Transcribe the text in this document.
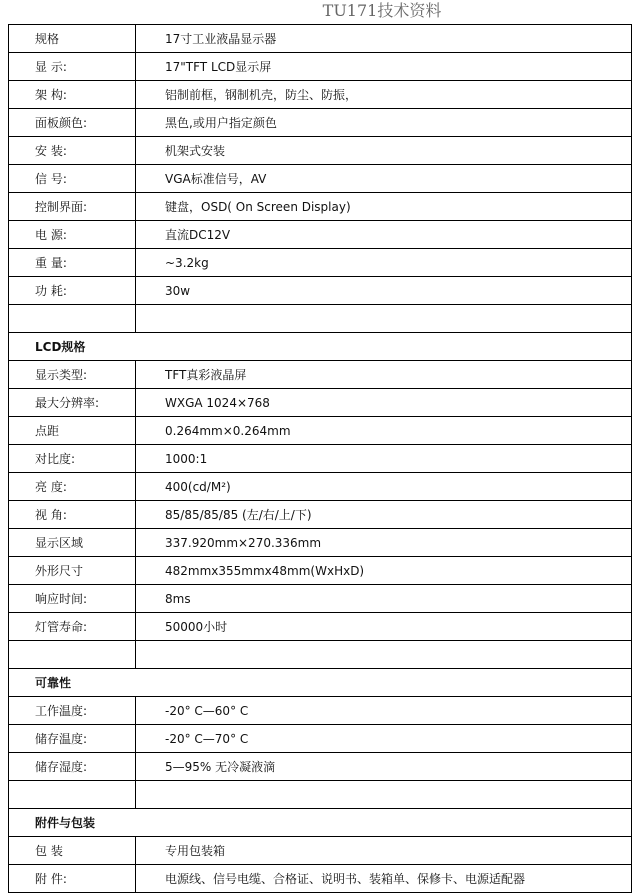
TU171技术资料
规格	17寸工业液晶显示器
显 示:	17"TFT LCD显示屏
架 构:	铝制前框，钢制机壳，防尘、防振，
面板颜色:	黑色,或用户指定颜色
安 装:	机架式安装
信 号:	VGA标准信号，AV
控制界面:	键盘，OSD( On Screen Display)
电 源:	直流DC12V
重 量:	~3.2kg
功 耗:	30w

LCD规格	
显示类型:	TFT真彩液晶屏
最大分辨率:	WXGA 1024×768
点距	0.264mm×0.264mm
对比度:	1000:1
亮 度:	400(cd/M²)
视 角:	85/85/85/85 (左/右/上/下)
显示区域	337.920mm×270.336mm
外形尺寸	482mmx355mmx48mm(WxHxD)
响应时间:	8ms
灯管寿命:	50000小时

可靠性	
工作温度:	-20° C—60° C
储存温度:	-20° C—70° C
储存湿度:	5—95% 无冷凝液滴

附件与包装	
包 装	专用包装箱
附 件:	电源线、信号电缆、合格证、说明书、装箱单、保修卡、电源适配器
